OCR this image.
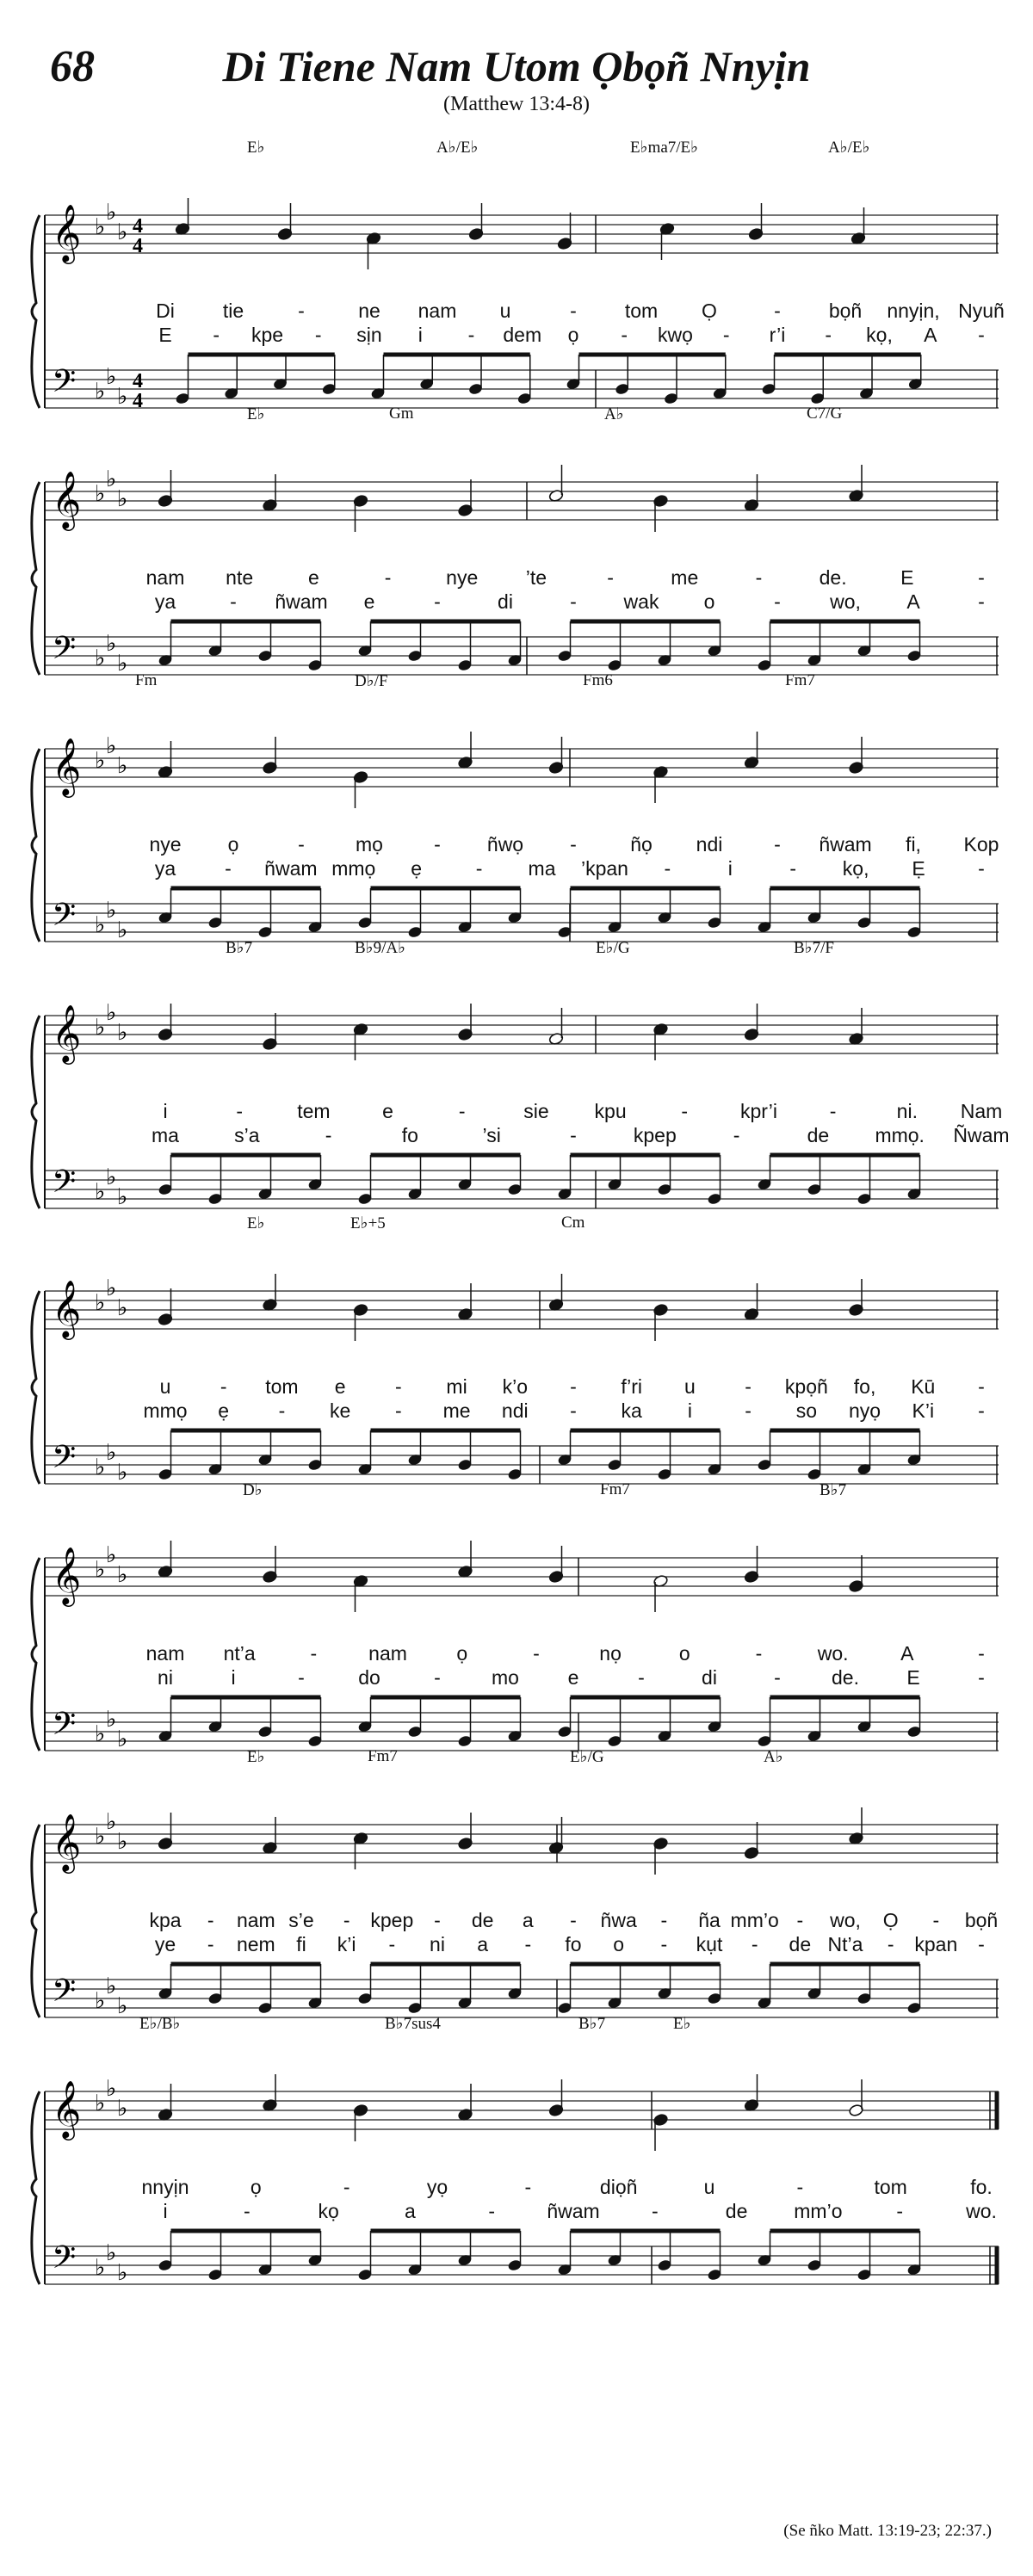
68	Di Tiene Nam Utom Ọbọñ Nnyịn
(Matthew 13:4-8)
𝄞
𝄢
♭
♭
♭
♭
♭
♭
4
4
4
4
E♭	A♭/E♭	E♭ma7/E♭	A♭/E♭
Di tie	-	ne nam u	- tom Ọ	- bọñ nnyịn, Nyuñ
E - kpe - sịn i - dem ọ - kwọ - r’i - kọ, A -
𝄞
𝄢
♭
♭
♭
♭
♭
♭
E♭	Gm	A♭	C7/G
nam nte	e	-	nye ’te	-	me	-	de.	E	-
ya	- ñwam e	-	di	- wak o	- wo, A	-
𝄞
𝄢
♭
♭
♭
♭
♭
♭
Fm	D♭/F	Fm6	Fm7
nye ọ	-	mọ	- ñwọ -	ñọ ndi	- ñwam fi, Kop
ya - ñwam mmọ ẹ	- ma ’kpan -	i	- kọ, Ẹ	-
𝄞
𝄢
♭
♭
♭
♭
♭
♭
B♭7	B♭9/A♭	E♭/G	B♭7/F
i	-	tem	e	-	sie kpu	-	kpr’i	-	ni. Nam
ma	s’a	-	fo	’si	-	kpep	-	de mmọ. Ñwam
𝄞
𝄢
♭
♭
♭
♭
♭
♭
E♭	E♭+5	Cm
u - tom e - mi k’o - f’ri u - kpọñ fo, Kū -
mmọ ẹ - ke - me ndi - ka i	- so nyọ K’i -
𝄞
𝄢
♭
♭
♭
♭
♭
♭
D♭	Fm7	B♭7
nam nt’a	-	nam ọ	-	nọ	o	-	wo.	A	-
ni	i	-	do	-	mo e	-	di	-	de. E	-
𝄞
𝄢
♭
♭
♭
♭
♭
♭
E♭	Fm7	E♭/G	A♭
kpa - nam s’e - kpep - de a - ñwa - ña mm’o - wo, Ọ - bọñ
ye - nem fi k’i - ni a - fo o - kụt - de Nt’a - kpan -
𝄞
𝄢
♭
♭
♭
♭
♭
♭
E♭/B♭	B♭7sus4	B♭7	E♭
nnyịn	ọ	-	yọ	-	diọñ	u	-	tom	fo.
i	-	kọ	a	-	ñwam	-	de mm’o	-	wo.
(Se ñko Matt. 13:19-23; 22:37.)
